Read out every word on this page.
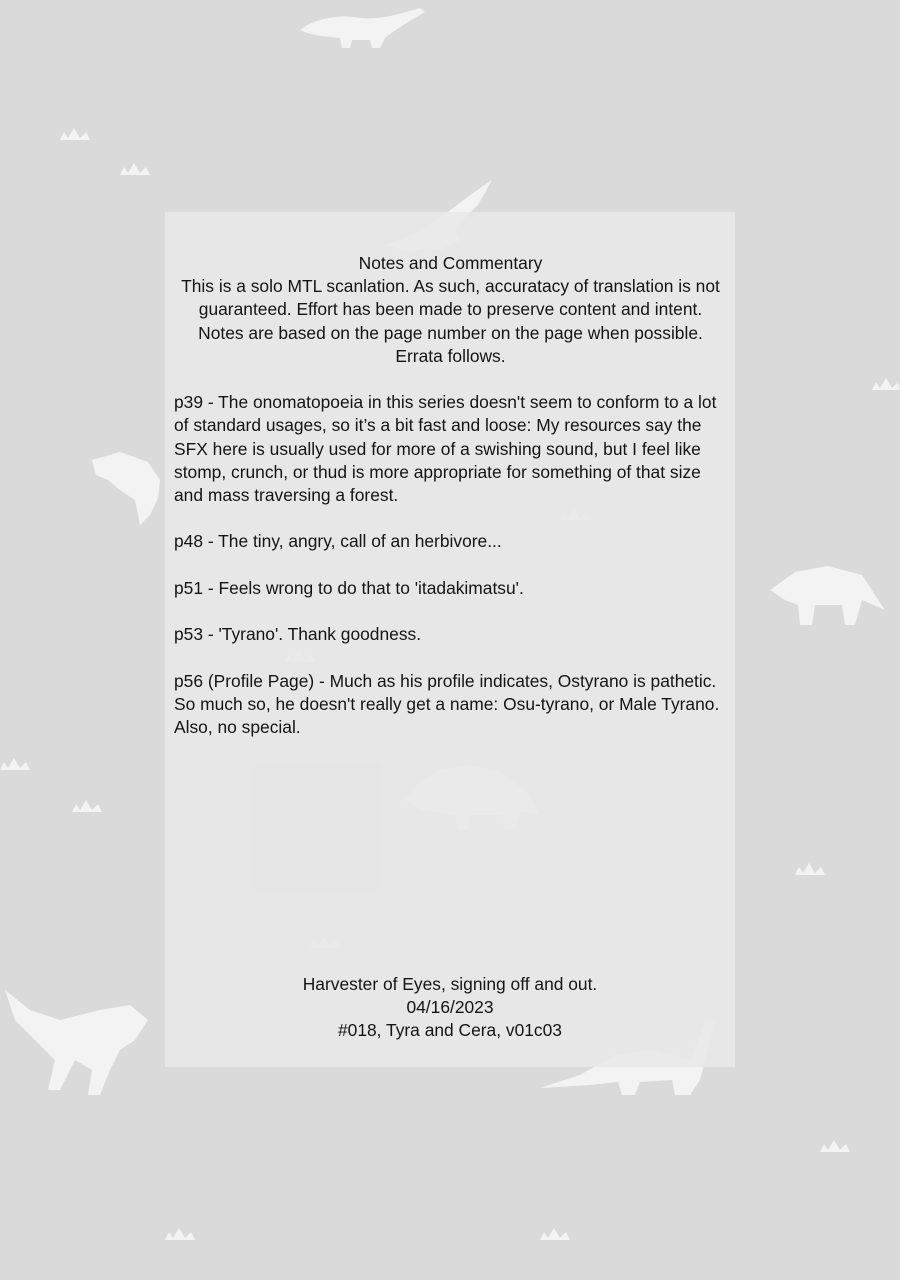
Notes and Commentary

This is a solo MTL scanlation. As such, accuratacy of translation is not

guaranteed. Effort has been made to preserve content and intent.

Notes are based on the page number on the page when possible.

Errata follows.

p39 - The onomatopoeia in this series doesn't seem to conform to a lot of standard usages, so it’s a bit fast and loose: My resources say the SFX here is usually used for more of a swishing sound, but I feel like stomp, crunch, or thud is more appropriate for something of that size and mass traversing a forest.

p48 - The tiny, angry, call of an herbivore...

p51 - Feels wrong to do that to 'itadakimatsu'.

p53 - 'Tyrano'. Thank goodness.

p56 (Profile Page) - Much as his profile indicates, Ostyrano is pathetic. So much so, he doesn't really get a name: Osu-tyrano, or Male Tyrano. Also, no special.

Harvester of Eyes, signing off and out.

04/16/2023

#018, Tyra and Cera, v01c03
